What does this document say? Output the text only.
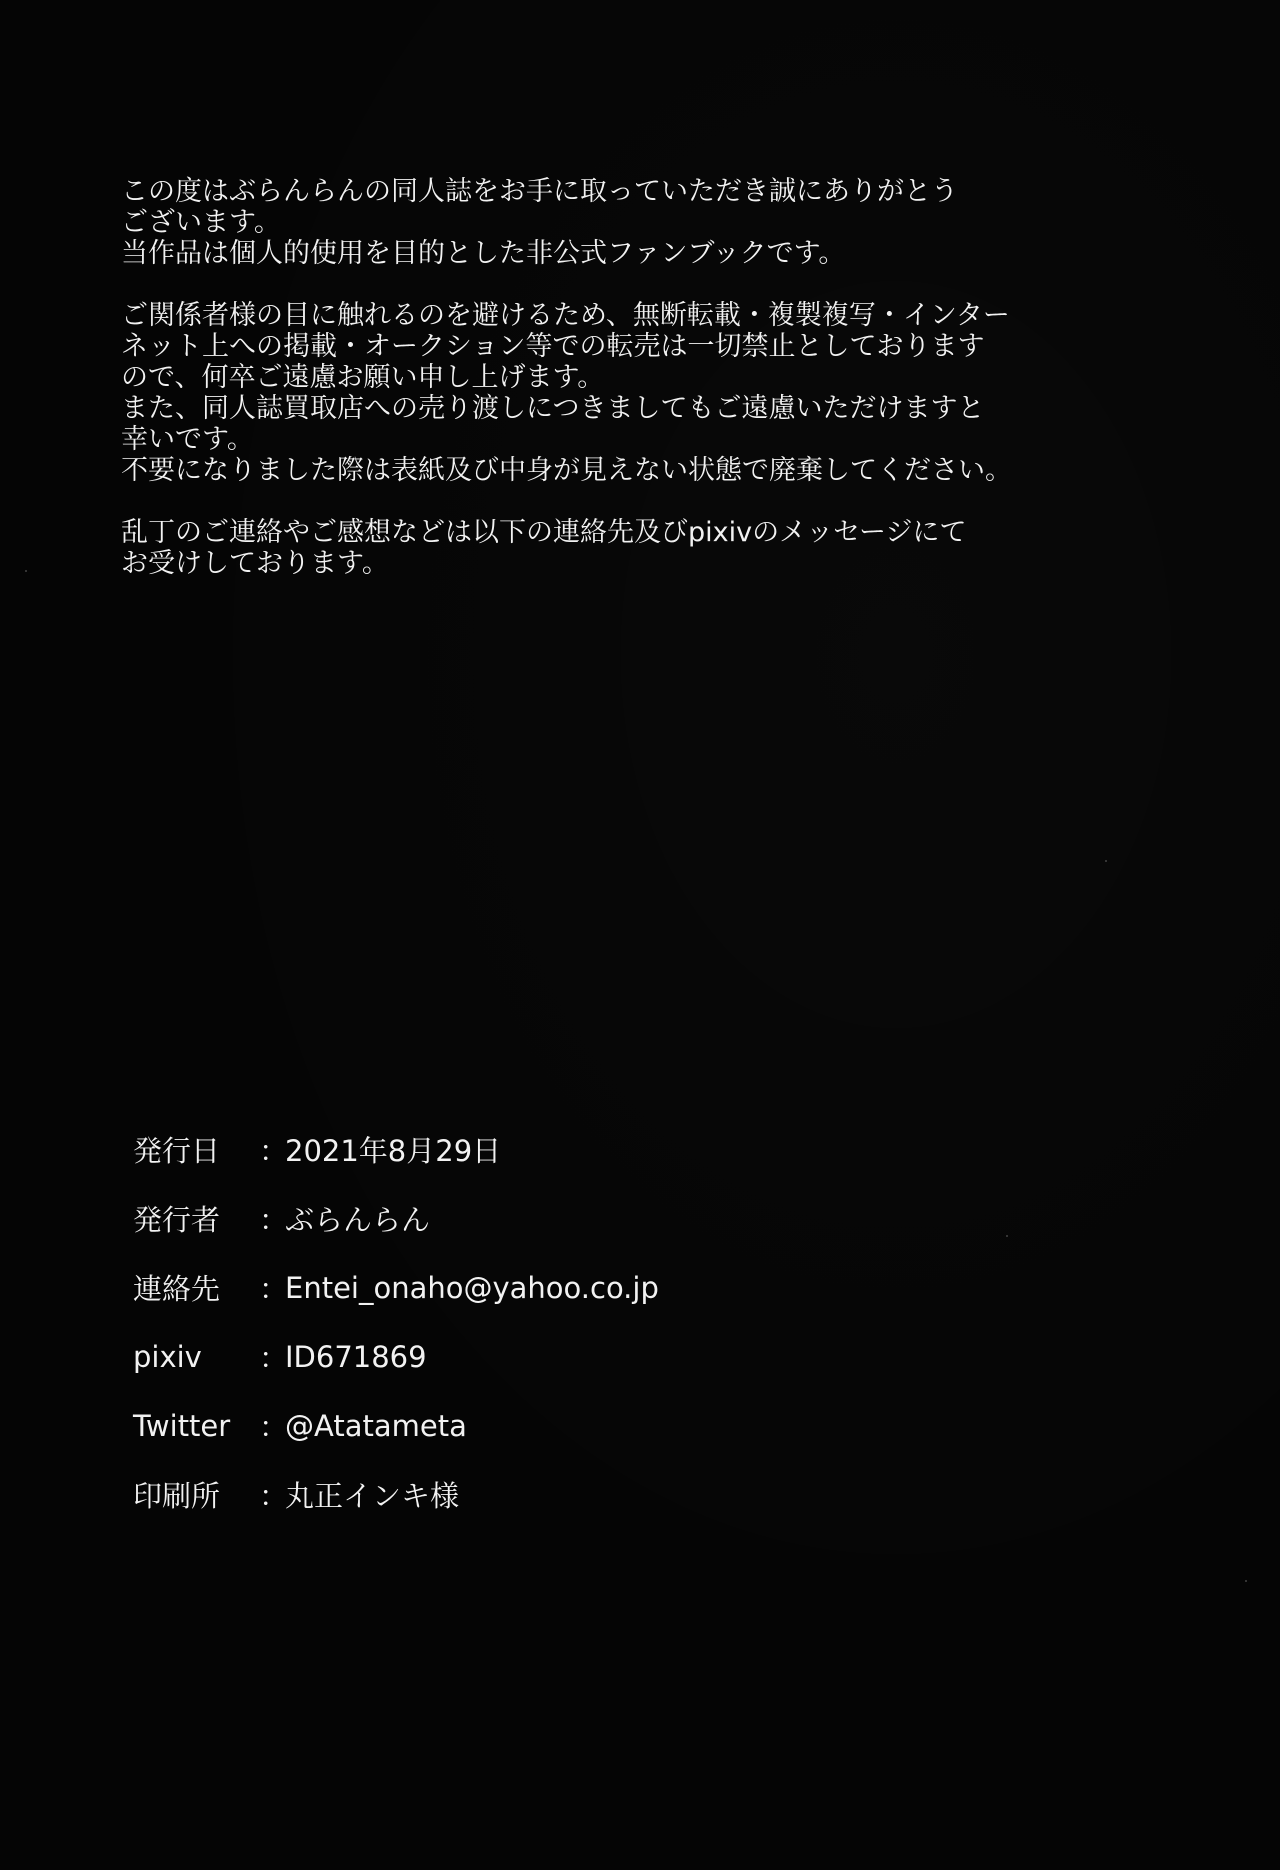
この度はぶらんらんの同人誌をお手に取っていただき誠にありがとう

ございます。

当作品は個人的使用を目的とした非公式ファンブックです。

ご関係者様の目に触れるのを避けるため、無断転載・複製複写・インター

ネット上への掲載・オークション等での転売は一切禁止としております

ので、何卒ご遠慮お願い申し上げます。

また、同人誌買取店への売り渡しにつきましてもご遠慮いただけますと

幸いです。

不要になりました際は表紙及び中身が見えない状態で廃棄してください。

乱丁のご連絡やご感想などは以下の連絡先及びpixivのメッセージにて

お受けしております。

発行日	：
2021年8月29日
発行者	：
ぶらんらん
連絡先	：
Entei_onaho@yahoo.co.jp
pixiv	：
ID671869
Twitter ：
@Atatameta
印刷所	：
丸正インキ様
